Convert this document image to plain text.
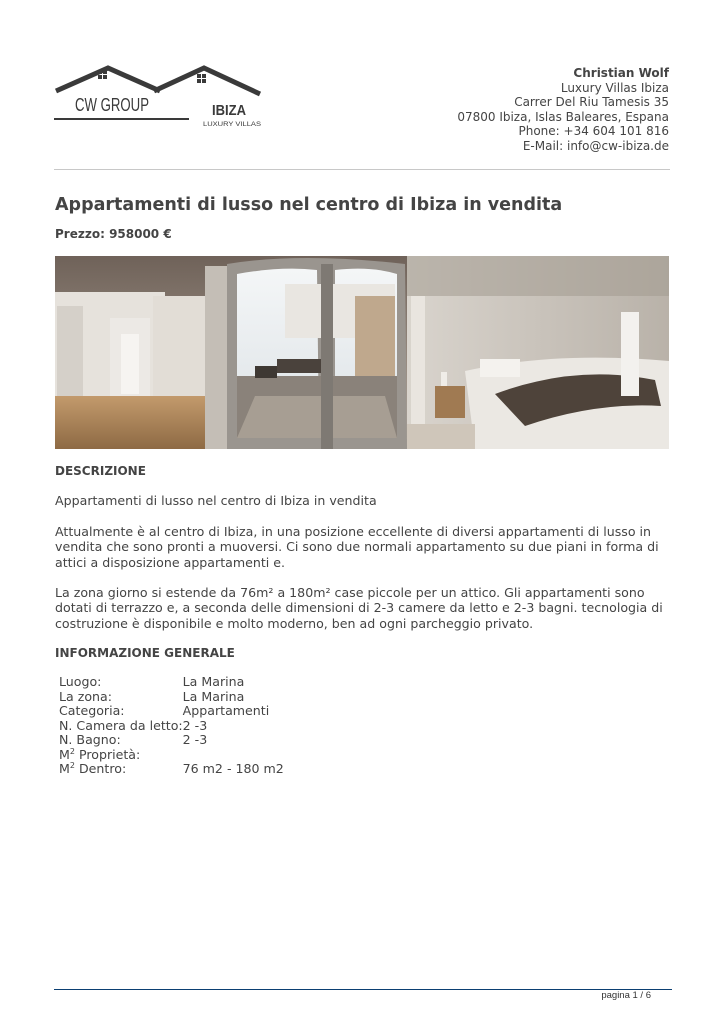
CW GROUP	IBIZA
LUXURY VILLAS
Christian Wolf
Luxury Villas Ibiza
Carrer Del Riu Tamesis 35
07800 Ibiza, Islas Baleares, Espana
Phone: +34 604 101 816
E-Mail: info@cw-ibiza.de
Appartamenti di lusso nel centro di Ibiza in vendita
Prezzo: 958000 €
DESCRIZIONE

Appartamenti di lusso nel centro di Ibiza in vendita

Attualmente è al centro di Ibiza, in una posizione eccellente di diversi appartamenti di lusso in vendita che sono pronti a muoversi. Ci sono due normali appartamento su due piani in forma di attici a disposizione appartamenti e.

La zona giorno si estende da 76m² a 180m² case piccole per un attico. Gli appartamenti sono dotati di terrazzo e, a seconda delle dimensioni di 2-3 camere da letto e 2-3 bagni. tecnologia di costruzione è disponibile e molto moderno, ben ad ogni parcheggio privato.

INFORMAZIONE GENERALE
Luogo:	La Marina
La zona:	La Marina
Categoria:	Appartamenti
N. Camera da letto:	2 -3
N. Bagno:	2 -3
$M^2$ Proprietà:	
$M^2$ Dentro:	76 m2 - 180 m2
pagina 1 / 6
